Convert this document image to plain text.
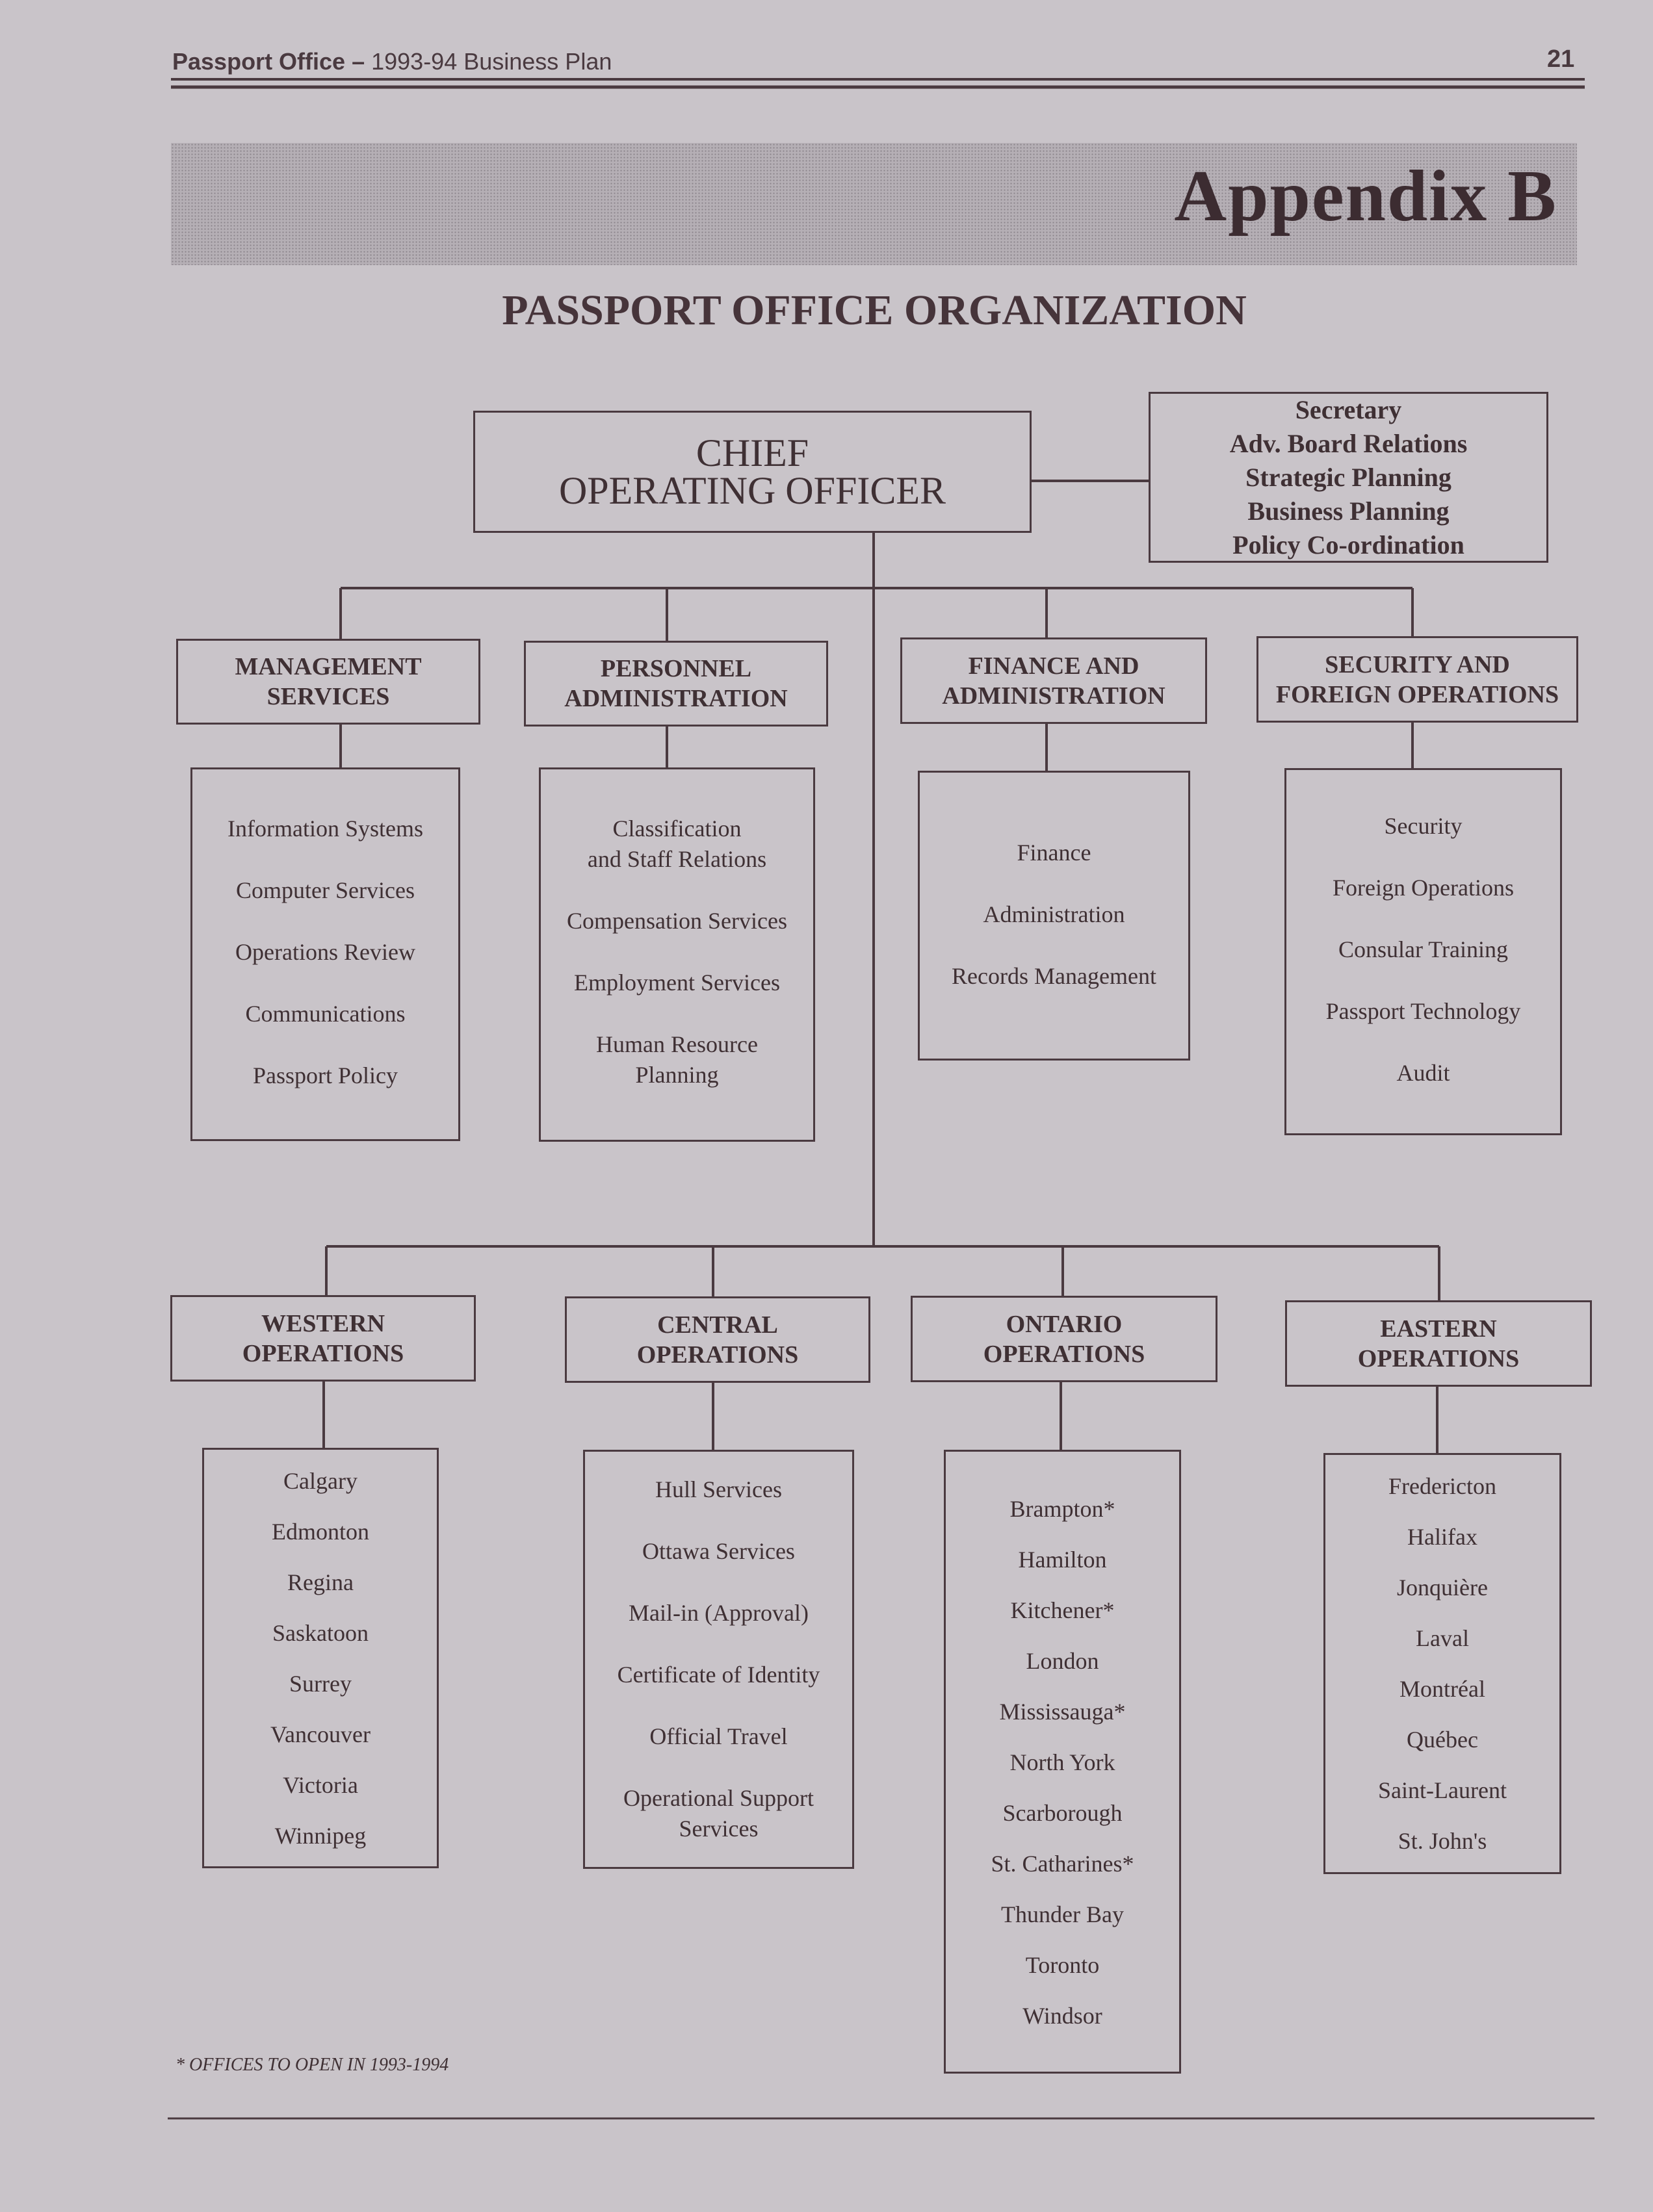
Passport Office – 1993-94 Business Plan	21
Appendix B
PASSPORT OFFICE ORGANIZATION
CHIEF
OPERATING OFFICER
Secretary
Adv. Board Relations
Strategic Planning
Business Planning
Policy Co-ordination
MANAGEMENT
SERVICES
PERSONNEL
ADMINISTRATION
FINANCE AND
ADMINISTRATION
SECURITY AND
FOREIGN OPERATIONS
Information Systems
Computer Services
Operations Review
Communications
Passport Policy
Classification
and Staff Relations
Compensation Services
Employment Services
Human Resource
Planning
Finance
Administration
Records Management
Security
Foreign Operations
Consular Training
Passport Technology
Audit
WESTERN
OPERATIONS
CENTRAL
OPERATIONS
ONTARIO
OPERATIONS
EASTERN
OPERATIONS
Calgary
Edmonton
Regina
Saskatoon
Surrey
Vancouver
Victoria
Winnipeg
Hull Services
Ottawa Services
Mail-in (Approval)
Certificate of Identity
Official Travel
Operational Support
Services
Brampton*
Hamilton
Kitchener*
London
Mississauga*
North York
Scarborough
St. Catharines*
Thunder Bay
Toronto
Windsor
Fredericton
Halifax
Jonquière
Laval
Montréal
Québec
Saint-Laurent
St. John's
* OFFICES TO OPEN IN 1993-1994
